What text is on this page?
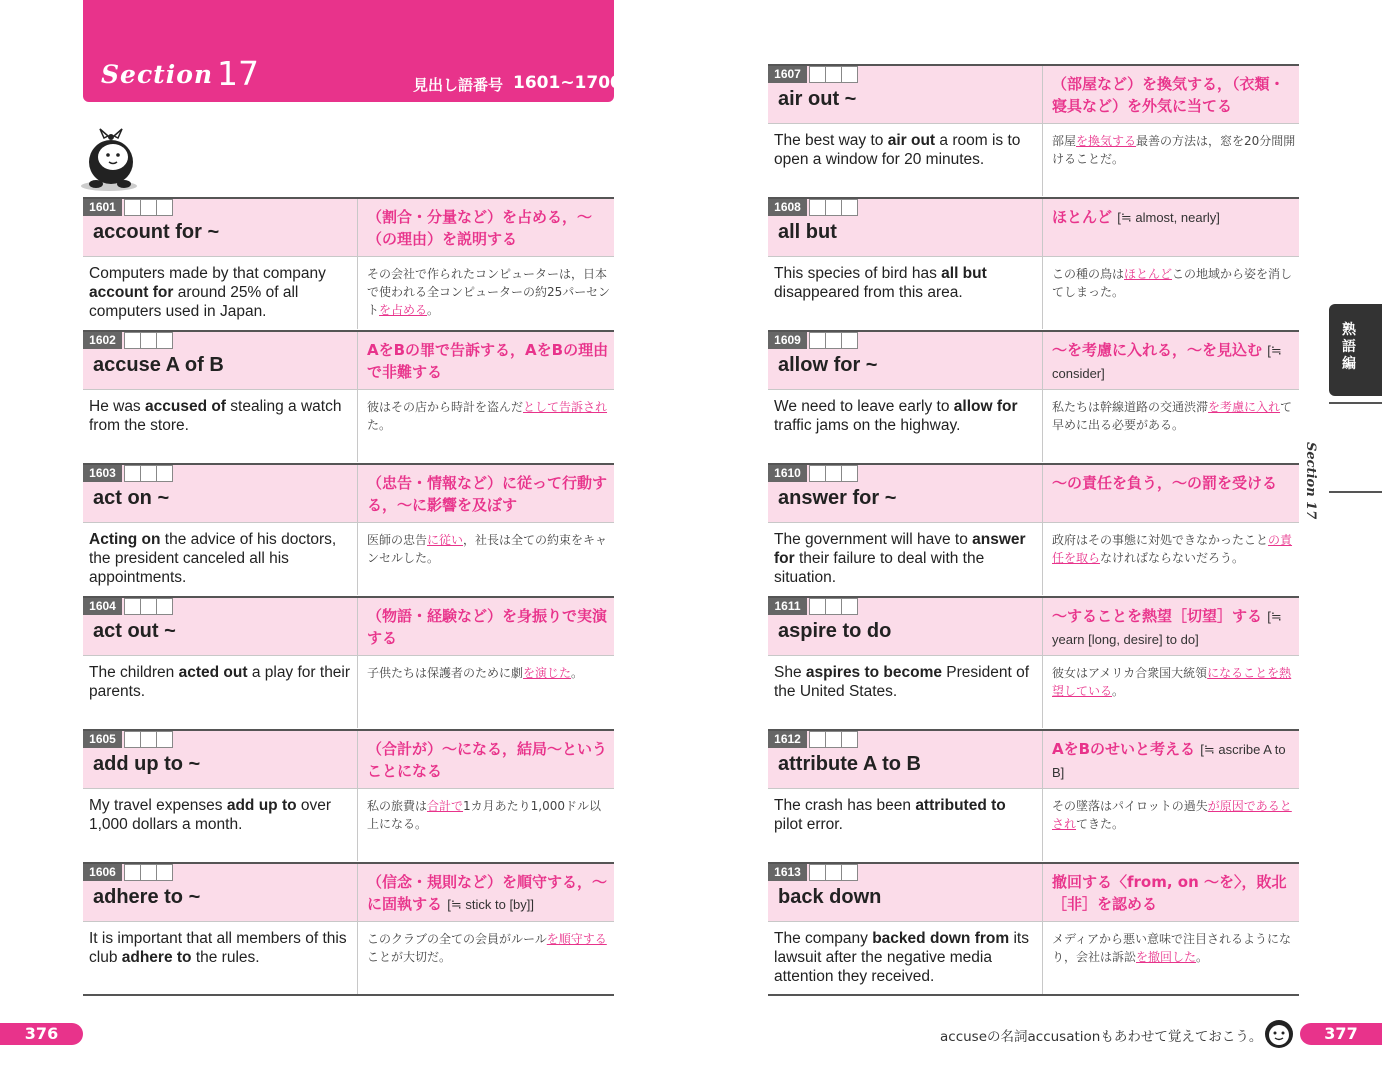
Section 17	見出し語番号 1601~1700
1601
account for ~
（割合・分量など）を占める，～（の理由）を説明する
Computers made by that company account for around 25% of all computers used in Japan.
その会社で作られたコンピューターは，日本で使われる全コンピューターの約25パーセントを占める。
1602
accuse A of B
AをBの罪で告訴する，AをBの理由で非難する
He was accused of stealing a watch from the store.
彼はその店から時計を盗んだとして告訴された。
1603
act on ~
（忠告・情報など）に従って行動する，～に影響を及ぼす
Acting on the advice of his doctors, the president canceled all his appointments.
医師の忠告に従い，社長は全ての約束をキャンセルした。
1604
act out ~
（物語・経験など）を身振りで実演する
The children acted out a play for their parents.
子供たちは保護者のために劇を演じた。
1605
add up to ~
（合計が）～になる，結局～ということになる
My travel expenses add up to over 1,000 dollars a month.
私の旅費は合計で1カ月あたり1,000ドル以上になる。
1606
adhere to ~
（信念・規則など）を順守する，～に固執する [≒ stick to [by]]
It is important that all members of this club adhere to the rules.
このクラブの全ての会員がルールを順守することが大切だ。
1607
air out ~
（部屋など）を換気する，（衣類・寝具など）を外気に当てる
The best way to air out a room is to open a window for 20 minutes.
部屋を換気する最善の方法は，窓を20分間開けることだ。
1608
all but
ほとんど [≒ almost, nearly]
This species of bird has all but disappeared from this area.
この種の鳥はほとんどこの地域から姿を消してしまった。
1609
allow for ~
～を考慮に入れる，～を見込む [≒ consider]
We need to leave early to allow for traffic jams on the highway.
私たちは幹線道路の交通渋滞を考慮に入れて早めに出る必要がある。
1610
answer for ~
～の責任を負う，～の罰を受ける
The government will have to answer for their failure to deal with the situation.
政府はその事態に対処できなかったことの責任を取らなければならないだろう。
1611
aspire to do
～することを熱望［切望］する [≒ yearn [long, desire] to do]
She aspires to become President of the United States.
彼女はアメリカ合衆国大統領になることを熱望している。
1612
attribute A to B
AをBのせいと考える [≒ ascribe A to B]
The crash has been attributed to pilot error.
その墜落はパイロットの過失が原因であるとされてきた。
1613
back down
撤回する〈from, on ～を〉，敗北［非］を認める
The company backed down from its lawsuit after the negative media attention they received.
メディアから悪い意味で注目されるようになり，会社は訴訟を撤回した。
熟語編
Section 17
376	accuseの名詞accusationもあわせて覚えておこう。	377
